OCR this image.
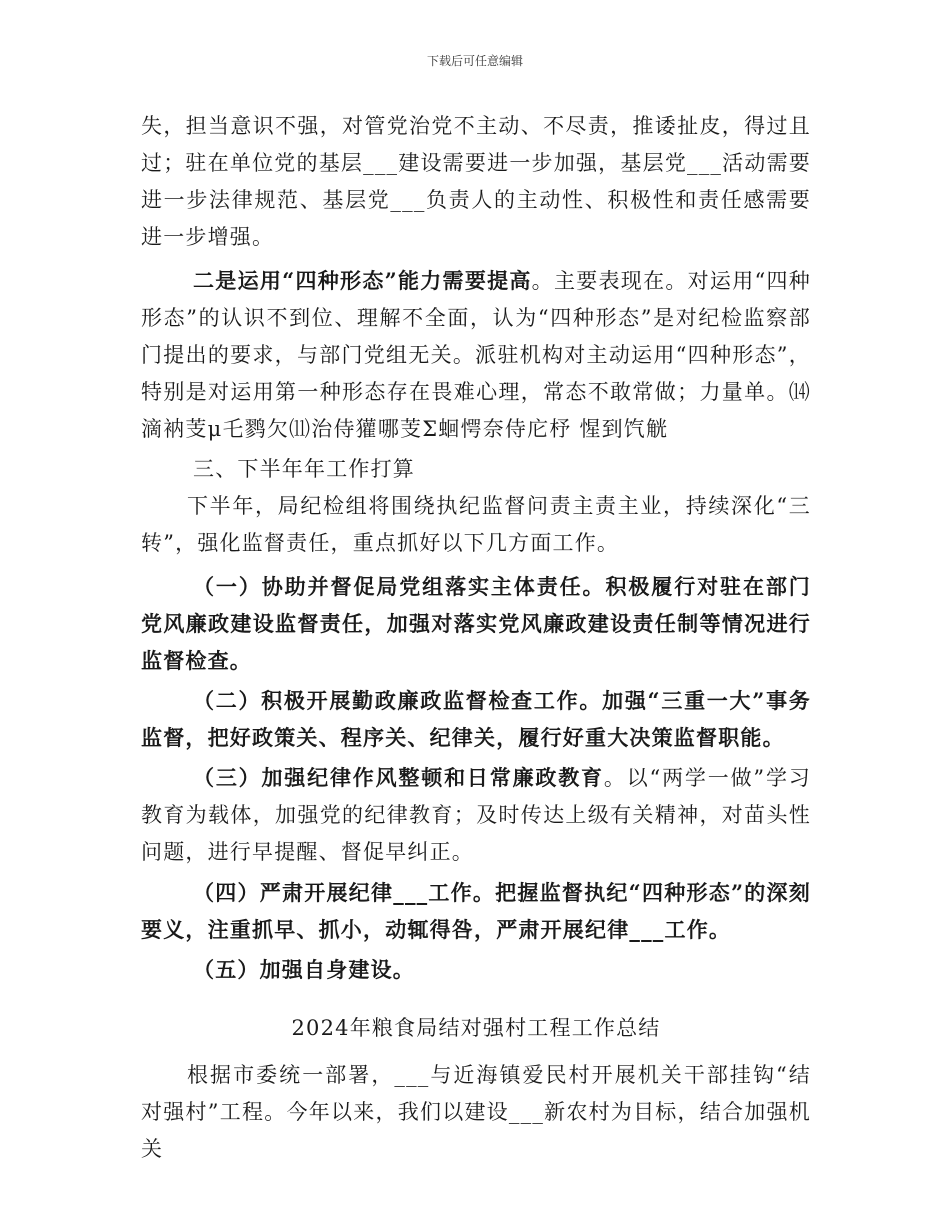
下载后可任意编辑

失，担当意识不强，对管党治党不主动、不尽责，推诿扯皮，得过且过；驻在单位党的基层___建设需要进一步加强，基层党___活动需要进一步法律规范、基层党___负责人的主动性、积极性和责任感需要进一步增强。

二是运用“四种形态”能力需要提高。主要表现在。对运用“四种形态”的认识不到位、理解不全面，认为“四种形态”是对纪检监察部门提出的要求，与部门党组无关。派驻机构对主动运用“四种形态”，特别是对运用第一种形态存在畏难心理，常态不敢常做；力量单。⒁滴衲芰μ乇鹨欠⑾治侍獾哪芰Σ蛔愕奈侍庀杼 惺到饩觥

三、下半年年工作打算

下半年，局纪检组将围绕执纪监督问责主责主业，持续深化“三转”，强化监督责任，重点抓好以下几方面工作。

（一）协助并督促局党组落实主体责任。积极履行对驻在部门党风廉政建设监督责任，加强对落实党风廉政建设责任制等情况进行监督检查。

（二）积极开展勤政廉政监督检查工作。加强“三重一大”事务监督，把好政策关、程序关、纪律关，履行好重大决策监督职能。

（三）加强纪律作风整顿和日常廉政教育。以“两学一做”学习教育为载体，加强党的纪律教育；及时传达上级有关精神，对苗头性问题，进行早提醒、督促早纠正。

（四）严肃开展纪律___工作。把握监督执纪“四种形态”的深刻要义，注重抓早、抓小，动辄得咎，严肃开展纪律___工作。

（五）加强自身建设。

2024年粮食局结对强村工程工作总结

根据市委统一部署，___与近海镇爱民村开展机关干部挂钩“结对强村”工程。今年以来，我们以建设___新农村为目标，结合加强机关
